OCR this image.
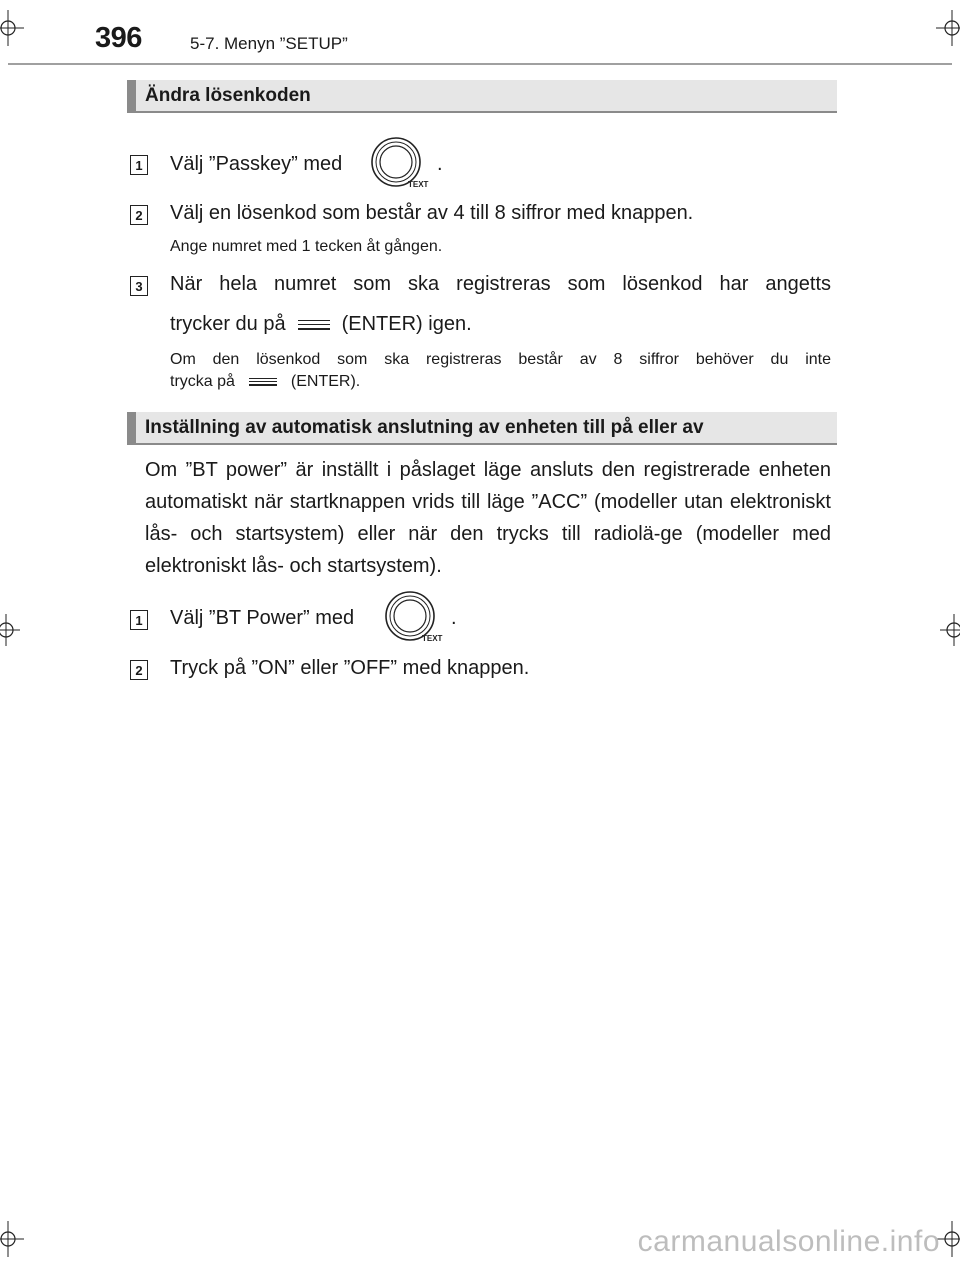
396	5-7. Menyn ”SETUP”
Ändra lösenkoden
1 Välj ”Passkey” med
TEXT
.
2 Välj en lösenkod som består av 4 till 8 siffror med knappen.
Ange numret med 1 tecken åt gången.
3 När hela numret som ska registreras som lösenkod har angetts
trycker du på	(ENTER) igen.
Om den lösenkod som ska registreras består av 8 siffror behöver du inte
trycka på	(ENTER).
Inställning av automatisk anslutning av enheten till på eller av
Om ”BT power” är inställt i påslaget läge ansluts den registrerade enheten automatiskt när startknappen vrids till läge ”ACC” (modeller utan elektroniskt lås- och startsystem) eller när den trycks till radiolä-ge (modeller med elektroniskt lås- och startsystem).
1 Välj ”BT Power” med
TEXT
.
2 Tryck på ”ON” eller ”OFF” med knappen.
carmanualsonline.info
